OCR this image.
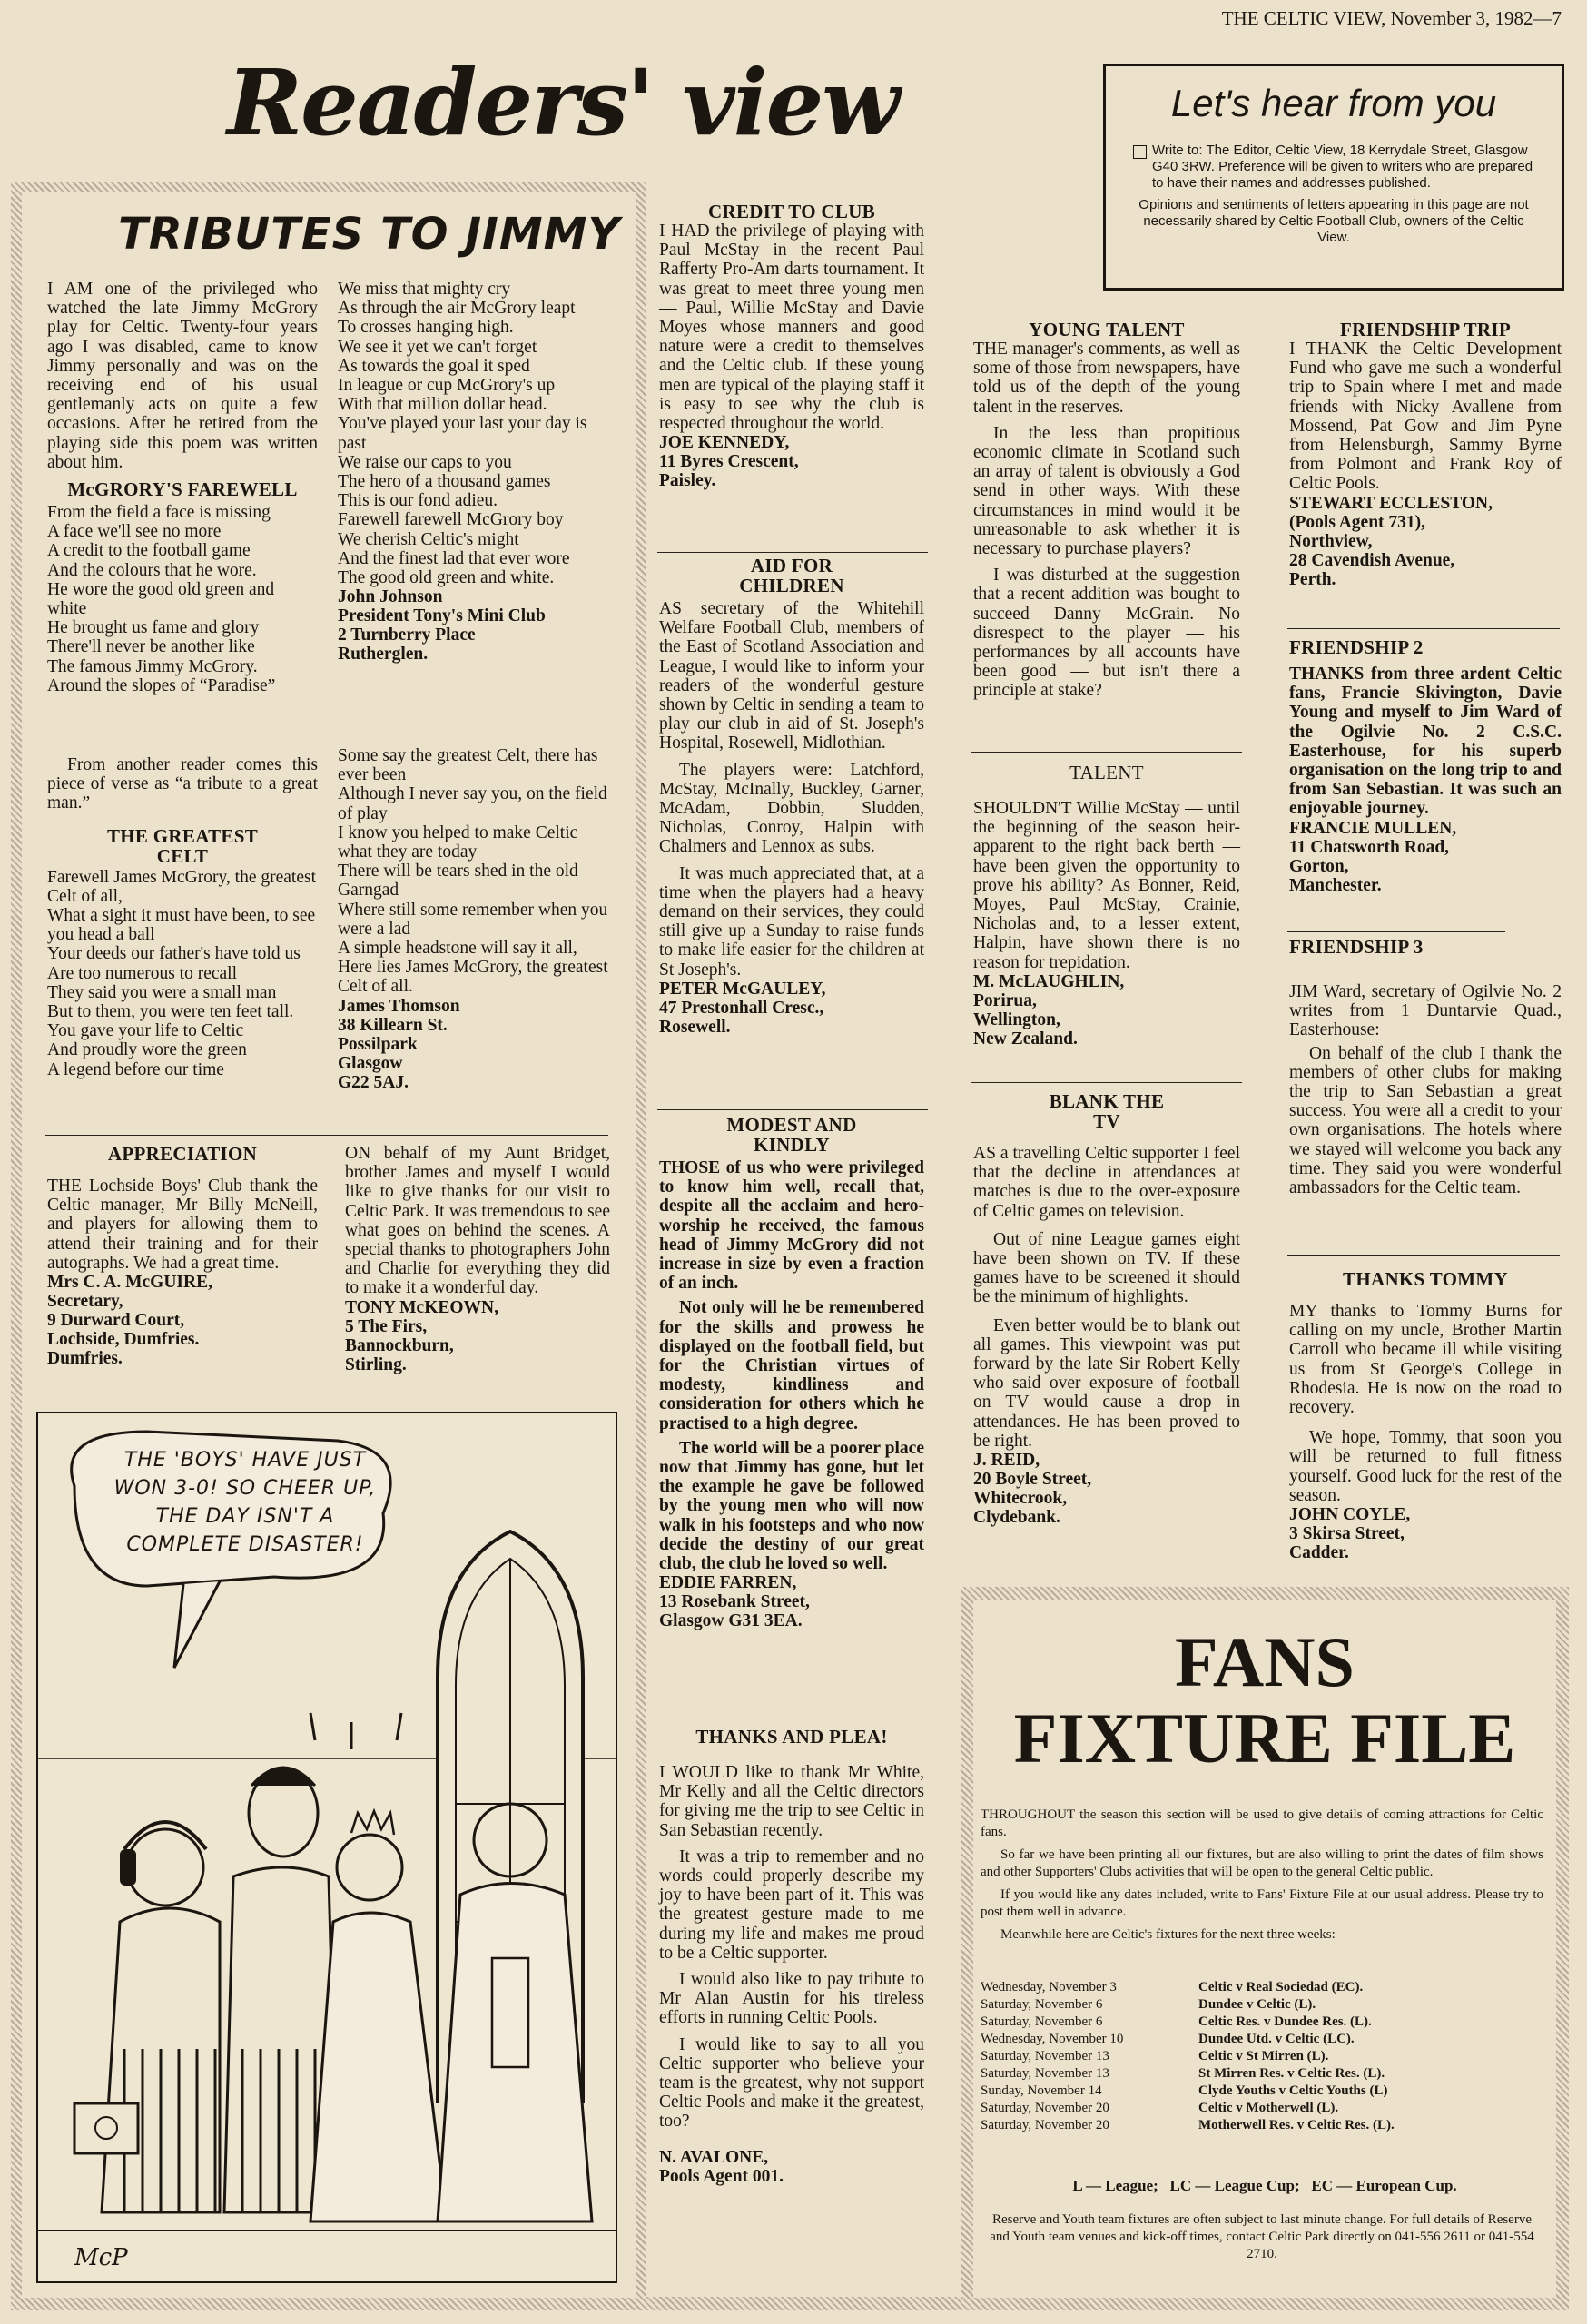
THE CELTIC VIEW, November 3, 1982—7
Readers' view	Let's hear from you
Write to: The Editor, Celtic View, 18 Kerrydale Street, Glasgow G40 3RW. Preference will be given to writers who are prepared to have their names and addresses published.
Opinions and sentiments of letters appearing in this page are not necessarily shared by Celtic Football Club, owners of the Celtic View.
TRIBUTES TO JIMMY

I AM one of the privileged who watched the late Jimmy McGrory play for Celtic. Twenty-four years ago I was disabled, came to know Jimmy personally and was on the receiving end of his usual gentlemanly acts on quite a few occasions. After he retired from the playing side this poem was written about him.

McGRORY'S FAREWELL

From the field a face is missing
A face we'll see no more
A credit to the football game
And the colours that he wore.
He wore the good old green and white
He brought us fame and glory
There'll never be another like
The famous Jimmy McGrory.
Around the slopes of “Paradise”

We miss that mighty cry
As through the air McGrory leapt
To crosses hanging high.
We see it yet we can't forget
As towards the goal it sped
In league or cup McGrory's up
With that million dollar head.
You've played your last your day is past
We raise our caps to you
The hero of a thousand games
This is our fond adieu.
Farewell farewell McGrory boy
We cherish Celtic's might
And the finest lad that ever wore
The good old green and white.

John Johnson
President Tony's Mini Club
2 Turnberry Place
Rutherglen.

From another reader comes this piece of verse as “a tribute to a great man.”

THE GREATEST CELT

Farewell James McGrory, the greatest Celt of all,
What a sight it must have been, to see you head a ball
Your deeds our father's have told us
Are too numerous to recall
They said you were a small man
But to them, you were ten feet tall.
You gave your life to Celtic
And proudly wore the green
A legend before our time

Some say the greatest Celt, there has ever been
Although I never say you, on the field of play
I know you helped to make Celtic what they are today
There will be tears shed in the old Garngad
Where still some remember when you were a lad
A simple headstone will say it all,
Here lies James McGrory, the greatest Celt of all.

James Thomson
38 Killearn St.
Possilpark
Glasgow
G22 5AJ.
APPRECIATION

THE Lochside Boys' Club thank the Celtic manager, Mr Billy McNeill, and players for allowing them to attend their training and for their autographs. We had a great time.

Mrs C. A. McGUIRE,
Secretary,
9 Durward Court,
Lochside, Dumfries.
Dumfries.

ON behalf of my Aunt Bridget, brother James and myself I would like to give thanks for our visit to Celtic Park. It was tremendous to see what goes on behind the scenes. A special thanks to photographers John and Charlie for everything they did to make it a wonderful day.

TONY McKEOWN,
5 The Firs,
Bannockburn,
Stirling.
THE 'BOYS' HAVE JUST WON 3-0! SO CHEER UP, THE DAY ISN'T A COMPLETE DISASTER!
McP
CREDIT TO CLUB

I HAD the privilege of playing with Paul McStay in the recent Paul Rafferty Pro-Am darts tournament. It was great to meet three young men — Paul, Willie McStay and Davie Moyes whose manners and good nature were a credit to themselves and the Celtic club. If these young men are typical of the playing staff it is easy to see why the club is respected throughout the world.

JOE KENNEDY,
11 Byres Crescent,
Paisley.
AID FOR CHILDREN

AS secretary of the Whitehill Welfare Football Club, members of the East of Scotland Association and League, I would like to inform your readers of the wonderful gesture shown by Celtic in sending a team to play our club in aid of St. Joseph's Hospital, Rosewell, Midlothian.

The players were: Latchford, McStay, McInally, Buckley, Garner, McAdam, Dobbin, Sludden, Nicholas, Conroy, Halpin with Chalmers and Lennox as subs.

It was much appreciated that, at a time when the players had a heavy demand on their services, they could still give up a Sunday to raise funds to make life easier for the children at St Joseph's.

PETER McGAULEY,
47 Prestonhall Cresc.,
Rosewell.
MODEST AND KINDLY

THOSE of us who were privileged to know him well, recall that, despite all the acclaim and hero-worship he received, the famous head of Jimmy McGrory did not increase in size by even a fraction of an inch.

Not only will he be remembered for the skills and prowess he displayed on the football field, but for the Christian virtues of modesty, kindliness and consideration for others which he practised to a high degree.

The world will be a poorer place now that Jimmy has gone, but let the example he gave be followed by the young men who will now walk in his footsteps and who now decide the destiny of our great club, the club he loved so well.

EDDIE FARREN,
13 Rosebank Street,
Glasgow G31 3EA.
THANKS AND PLEA!

I WOULD like to thank Mr White, Mr Kelly and all the Celtic directors for giving me the trip to see Celtic in San Sebastian recently.

It was a trip to remember and no words could properly describe my joy to have been part of it. This was the greatest gesture made to me during my life and makes me proud to be a Celtic supporter.

I would also like to pay tribute to Mr Alan Austin for his tireless efforts in running Celtic Pools.

I would like to say to all you Celtic supporter who believe your team is the greatest, why not support Celtic Pools and make it the greatest, too?

N. AVALONE,
Pools Agent 001.
YOUNG TALENT

THE manager's comments, as well as some of those from newspapers, have told us of the depth of the young talent in the reserves.

In the less than propitious economic climate in Scotland such an array of talent is obviously a God send in other ways. With these circumstances in mind would it be unreasonable to ask whether it is necessary to purchase players?

I was disturbed at the suggestion that a recent addition was bought to succeed Danny McGrain. No disrespect to the player — his performances by all accounts have been good — but isn't there a principle at stake?

TALENT

SHOULDN'T Willie McStay — until the beginning of the season heir-apparent to the right back berth — have been given the opportunity to prove his ability? As Bonner, Reid, Moyes, Paul McStay, Crainie, Nicholas and, to a lesser extent, Halpin, have shown there is no reason for trepidation.

M. McLAUGHLIN,
Porirua,
Wellington,
New Zealand.
BLANK THE TV

AS a travelling Celtic supporter I feel that the decline in attendances at matches is due to the over-exposure of Celtic games on television.

Out of nine League games eight have been shown on TV. If these games have to be screened it should be the minimum of highlights.

Even better would be to blank out all games. This viewpoint was put forward by the late Sir Robert Kelly who said over exposure of football on TV would cause a drop in attendances. He has been proved to be right.

J. REID,
20 Boyle Street,
Whitecrook,
Clydebank.
FRIENDSHIP TRIP

I THANK the Celtic Development Fund who gave me such a wonderful trip to Spain where I met and made friends with Nicky Avallene from Mossend, Pat Gow and Jim Pyne from Helensburgh, Sammy Byrne from Polmont and Frank Roy of Celtic Pools.

STEWART ECCLESTON,
(Pools Agent 731),
Northview,
28 Cavendish Avenue,
Perth.
FRIENDSHIP 2

THANKS from three ardent Celtic fans, Francie Skivington, Davie Young and myself to Jim Ward of the Ogilvie No. 2 C.S.C. Easterhouse, for his superb organisation on the long trip to and from San Sebastian. It was such an enjoyable journey.

FRANCIE MULLEN,
11 Chatsworth Road,
Gorton,
Manchester.
FRIENDSHIP 3

JIM Ward, secretary of Ogilvie No. 2 writes from 1 Duntarvie Quad., Easterhouse:

On behalf of the club I thank the members of other clubs for making the trip to San Sebastian a great success. You were all a credit to your own organisations. The hotels where we stayed will welcome you back any time. They said you were wonderful ambassadors for the Celtic team.

THANKS TOMMY

MY thanks to Tommy Burns for calling on my uncle, Brother Martin Carroll who became ill while visiting us from St George's College in Rhodesia. He is now on the road to recovery.

We hope, Tommy, that soon you will be returned to full fitness yourself. Good luck for the rest of the season.

JOHN COYLE,
3 Skirsa Street,
Cadder.
FANS
FIXTURE FILE

THROUGHOUT the season this section will be used to give details of coming attractions for Celtic fans.

So far we have been printing all our fixtures, but are also willing to print the dates of film shows and other Supporters' Clubs activities that will be open to the general Celtic public.

If you would like any dates included, write to Fans' Fixture File at our usual address. Please try to post them well in advance.

Meanwhile here are Celtic's fixtures for the next three weeks:

Wednesday, November 3	Celtic v Real Sociedad (EC).
Saturday, November 6	Dundee v Celtic (L).
Saturday, November 6	Celtic Res. v Dundee Res. (L).
Wednesday, November 10	Dundee Utd. v Celtic (LC).
Saturday, November 13	Celtic v St Mirren (L).
Saturday, November 13	St Mirren Res. v Celtic Res. (L).
Sunday, November 14	Clyde Youths v Celtic Youths (L)
Saturday, November 20	Celtic v Motherwell (L).
Saturday, November 20	Motherwell Res. v Celtic Res. (L).
L — League;   LC — League Cup;   EC — European Cup.
Reserve and Youth team fixtures are often subject to last minute change. For full details of Reserve and Youth team venues and kick-off times, contact Celtic Park directly on 041-556 2611 or 041-554 2710.
